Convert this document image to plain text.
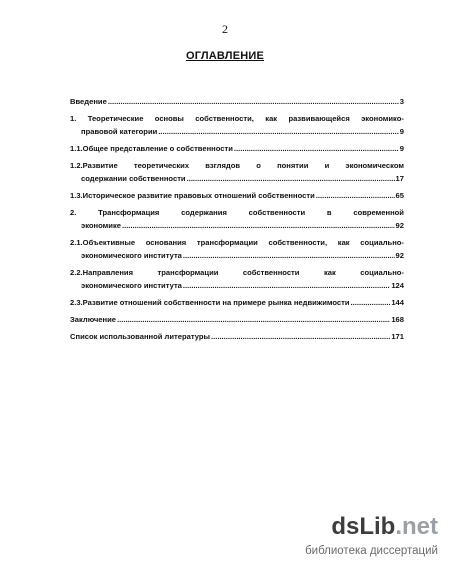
2
ОГЛАВЛЕНИЕ
Введение .....	3
1. Теоретические основы собственности, как развивающейся экономико-
правовой категории .....	9
1.1.Общее представление о собственности .....	9
1.2.Развитие теоретических взглядов о понятии и экономическом
содержании собственности .....	17
1.3.Историческое развитие правовых отношений собственности .....	65
2.	Трансформация	содержания	собственности	в	современной
экономике .....	92
2.1.Объективные основания трансформации собственности, как социально-
экономического института .....	92
2.2.Направления	трансформации	собственности	как	социально-
экономического института .....	124
2.3.Развитие отношений собственности на примере рынка недвижимости .....	144
Заключение .....	168
Список использованной литературы .....	171
dsLib.net
библиотека диссертаций
